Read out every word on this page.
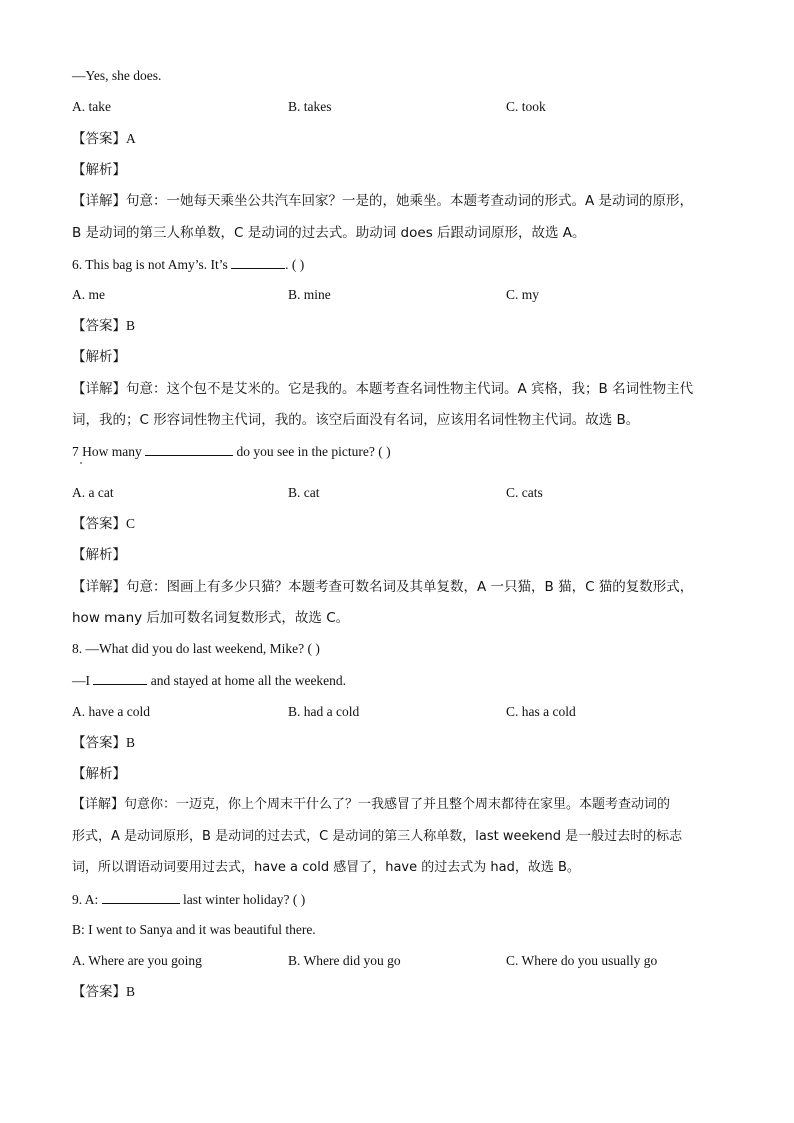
—Yes, she does.
A. take	B. takes	C. took
【答案】A
【解析】
【详解】句意：一她每天乘坐公共汽车回家？一是的，她乘坐。本题考查动词的形式。A 是动词的原形，
B 是动词的第三人称单数，C 是动词的过去式。助动词 does 后跟动词原形，故选 A。
6. This bag is not Amy’s. It’s	. ( )
A. me	B. mine	C. my
【答案】B
【解析】
【详解】句意：这个包不是艾米的。它是我的。本题考查名词性物主代词。A 宾格，我；B 名词性物主代
词，我的；C 形容词性物主代词，我的。该空后面没有名词，应该用名词性物主代词。故选 B。
7 How many	do you see in the picture? ( )
A. a cat	B. cat	C. cats
【答案】C
【解析】
【详解】句意：图画上有多少只猫？本题考查可数名词及其单复数，A 一只猫，B 猫，C 猫的复数形式，
how many 后加可数名词复数形式，故选 C。
8. —What did you do last weekend, Mike? ( )
—I	and stayed at home all the weekend.
A. have a cold	B. had a cold	C. has a cold
【答案】B
【解析】
【详解】句意你：一迈克，你上个周末干什么了？一我感冒了并且整个周末都待在家里。本题考查动词的
形式，A 是动词原形，B 是动词的过去式，C 是动词的第三人称单数，last weekend 是一般过去时的标志
词，所以谓语动词要用过去式，have a cold 感冒了，have 的过去式为 had，故选 B。
9. A:	last winter holiday? ( )
B: I went to Sanya and it was beautiful there.
A. Where are you going	B. Where did you go	C. Where do you usually go
【答案】B
